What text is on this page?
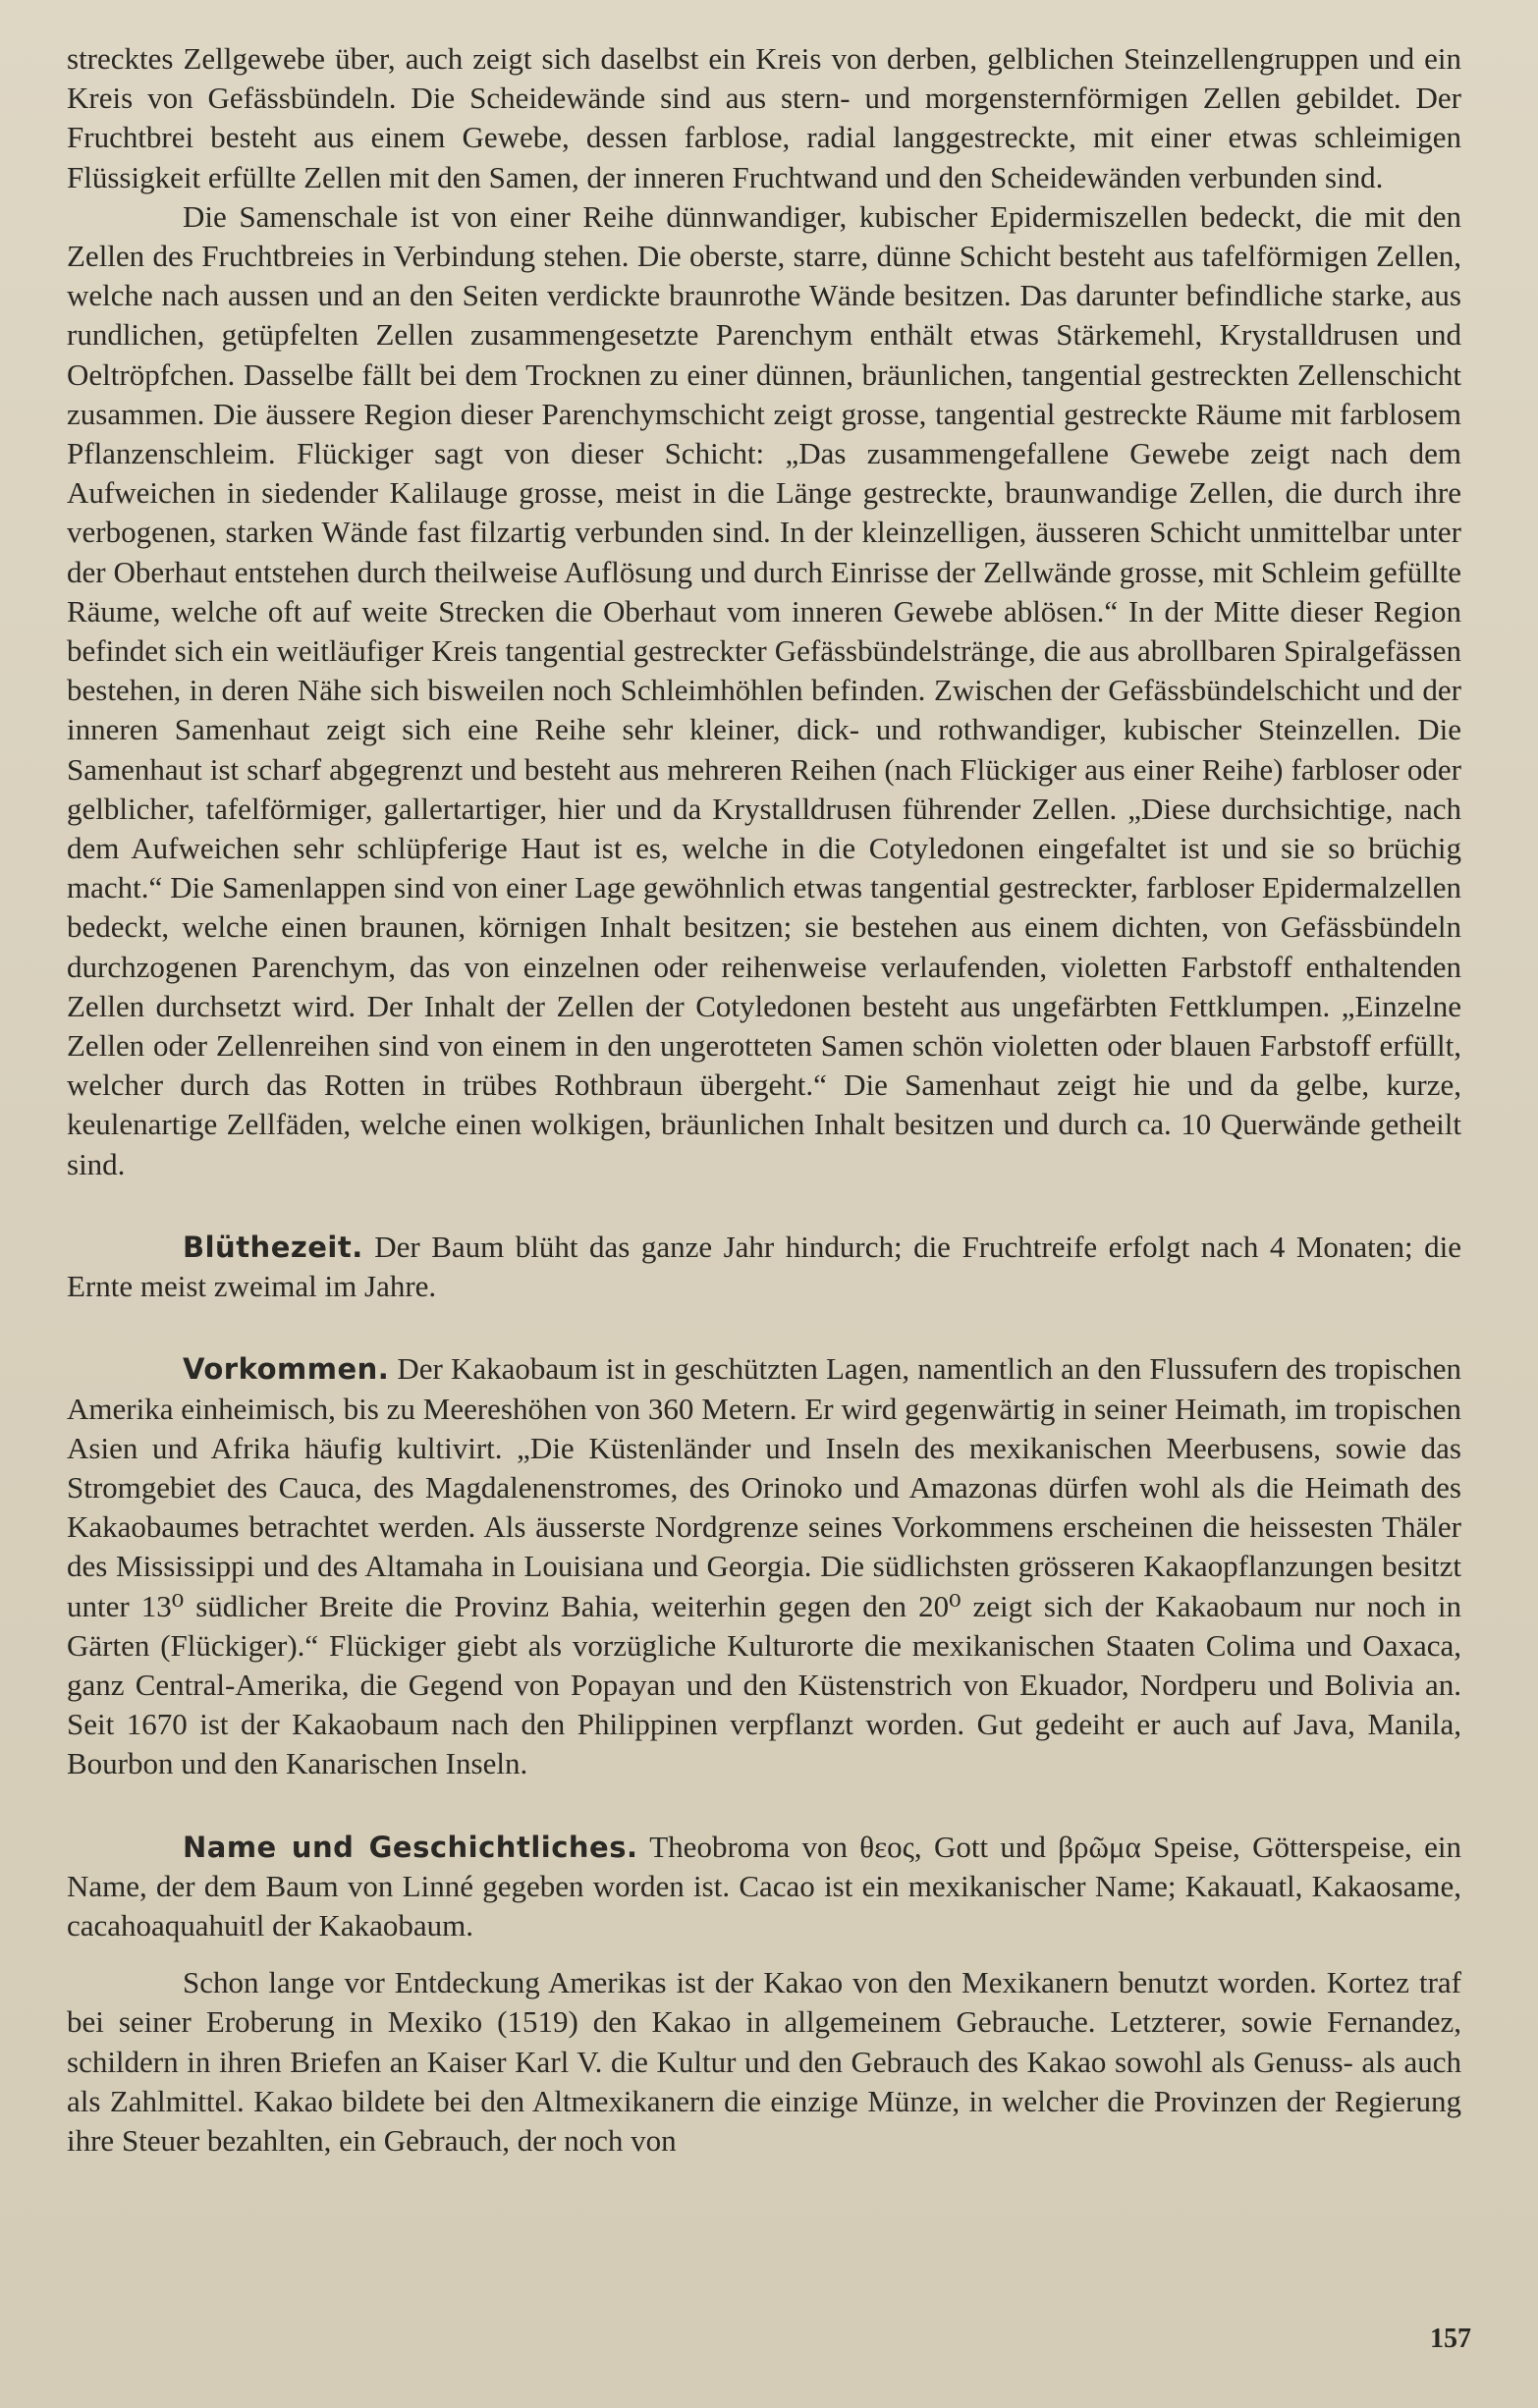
strecktes Zellgewebe über, auch zeigt sich daselbst ein Kreis von derben, gelblichen Steinzellengruppen und ein Kreis von Gefässbündeln. Die Scheidewände sind aus stern- und morgensternförmigen Zellen gebildet. Der Fruchtbrei besteht aus einem Gewebe, dessen farblose, radial langgestreckte, mit einer etwas schleimigen Flüssigkeit erfüllte Zellen mit den Samen, der inneren Fruchtwand und den Scheidewänden verbunden sind.

Die Samenschale ist von einer Reihe dünnwandiger, kubischer Epidermiszellen bedeckt, die mit den Zellen des Fruchtbreies in Verbindung stehen. Die oberste, starre, dünne Schicht besteht aus tafelförmigen Zellen, welche nach aussen und an den Seiten verdickte braunrothe Wände besitzen. Das darunter befindliche starke, aus rundlichen, getüpfelten Zellen zusammengesetzte Parenchym enthält etwas Stärkemehl, Krystalldrusen und Oeltröpfchen. Dasselbe fällt bei dem Trocknen zu einer dünnen, bräunlichen, tangential gestreckten Zellenschicht zusammen. Die äussere Region dieser Parenchymschicht zeigt grosse, tangential gestreckte Räume mit farblosem Pflanzenschleim. Flückiger sagt von dieser Schicht: „Das zusammengefallene Gewebe zeigt nach dem Aufweichen in siedender Kalilauge grosse, meist in die Länge gestreckte, braunwandige Zellen, die durch ihre verbogenen, starken Wände fast filzartig verbunden sind. In der kleinzelligen, äusseren Schicht unmittelbar unter der Oberhaut entstehen durch theilweise Auflösung und durch Einrisse der Zellwände grosse, mit Schleim gefüllte Räume, welche oft auf weite Strecken die Oberhaut vom inneren Gewebe ablösen.“ In der Mitte dieser Region befindet sich ein weitläufiger Kreis tangential gestreckter Gefässbündelstränge, die aus abrollbaren Spiralgefässen bestehen, in deren Nähe sich bisweilen noch Schleimhöhlen befinden. Zwischen der Gefässbündelschicht und der inneren Samenhaut zeigt sich eine Reihe sehr kleiner, dick- und rothwandiger, kubischer Steinzellen. Die Samenhaut ist scharf abgegrenzt und besteht aus mehreren Reihen (nach Flückiger aus einer Reihe) farbloser oder gelblicher, tafelförmiger, gallertartiger, hier und da Krystalldrusen führender Zellen. „Diese durchsichtige, nach dem Aufweichen sehr schlüpferige Haut ist es, welche in die Cotyledonen eingefaltet ist und sie so brüchig macht.“ Die Samenlappen sind von einer Lage gewöhnlich etwas tangential gestreckter, farbloser Epidermalzellen bedeckt, welche einen braunen, körnigen Inhalt besitzen; sie bestehen aus einem dichten, von Gefässbündeln durchzogenen Parenchym, das von einzelnen oder reihenweise verlaufenden, violetten Farbstoff enthaltenden Zellen durchsetzt wird. Der Inhalt der Zellen der Cotyledonen besteht aus ungefärbten Fettklumpen. „Einzelne Zellen oder Zellenreihen sind von einem in den ungerotteten Samen schön violetten oder blauen Farbstoff erfüllt, welcher durch das Rotten in trübes Rothbraun übergeht.“ Die Samenhaut zeigt hie und da gelbe, kurze, keulenartige Zellfäden, welche einen wolkigen, bräunlichen Inhalt besitzen und durch ca. 10 Querwände getheilt sind.

Blüthezeit. Der Baum blüht das ganze Jahr hindurch; die Fruchtreife erfolgt nach 4 Monaten; die Ernte meist zweimal im Jahre.

Vorkommen. Der Kakaobaum ist in geschützten Lagen, namentlich an den Flussufern des tropischen Amerika einheimisch, bis zu Meereshöhen von 360 Metern. Er wird gegenwärtig in seiner Heimath, im tropischen Asien und Afrika häufig kultivirt. „Die Küstenländer und Inseln des mexikanischen Meerbusens, sowie das Stromgebiet des Cauca, des Magdalenenstromes, des Orinoko und Amazonas dürfen wohl als die Heimath des Kakaobaumes betrachtet werden. Als äusserste Nordgrenze seines Vorkommens erscheinen die heissesten Thäler des Mississippi und des Altamaha in Louisiana und Georgia. Die südlichsten grösseren Kakaopflanzungen besitzt unter 13⁰ südlicher Breite die Provinz Bahia, weiterhin gegen den 20⁰ zeigt sich der Kakaobaum nur noch in Gärten (Flückiger).“ Flückiger giebt als vorzügliche Kulturorte die mexikanischen Staaten Colima und Oaxaca, ganz Central-Amerika, die Gegend von Popayan und den Küstenstrich von Ekuador, Nordperu und Bolivia an. Seit 1670 ist der Kakaobaum nach den Philippinen verpflanzt worden. Gut gedeiht er auch auf Java, Manila, Bourbon und den Kanarischen Inseln.

Name und Geschichtliches. Theobroma von θεος, Gott und βρῶμα Speise, Götterspeise, ein Name, der dem Baum von Linné gegeben worden ist. Cacao ist ein mexikanischer Name; Kakauatl, Kakaosame, cacahoaquahuitl der Kakaobaum.

Schon lange vor Entdeckung Amerikas ist der Kakao von den Mexikanern benutzt worden. Kortez traf bei seiner Eroberung in Mexiko (1519) den Kakao in allgemeinem Gebrauche. Letzterer, sowie Fernandez, schildern in ihren Briefen an Kaiser Karl V. die Kultur und den Gebrauch des Kakao sowohl als Genuss- als auch als Zahlmittel. Kakao bildete bei den Altmexikanern die einzige Münze, in welcher die Provinzen der Regierung ihre Steuer bezahlten, ein Gebrauch, der noch von

157
